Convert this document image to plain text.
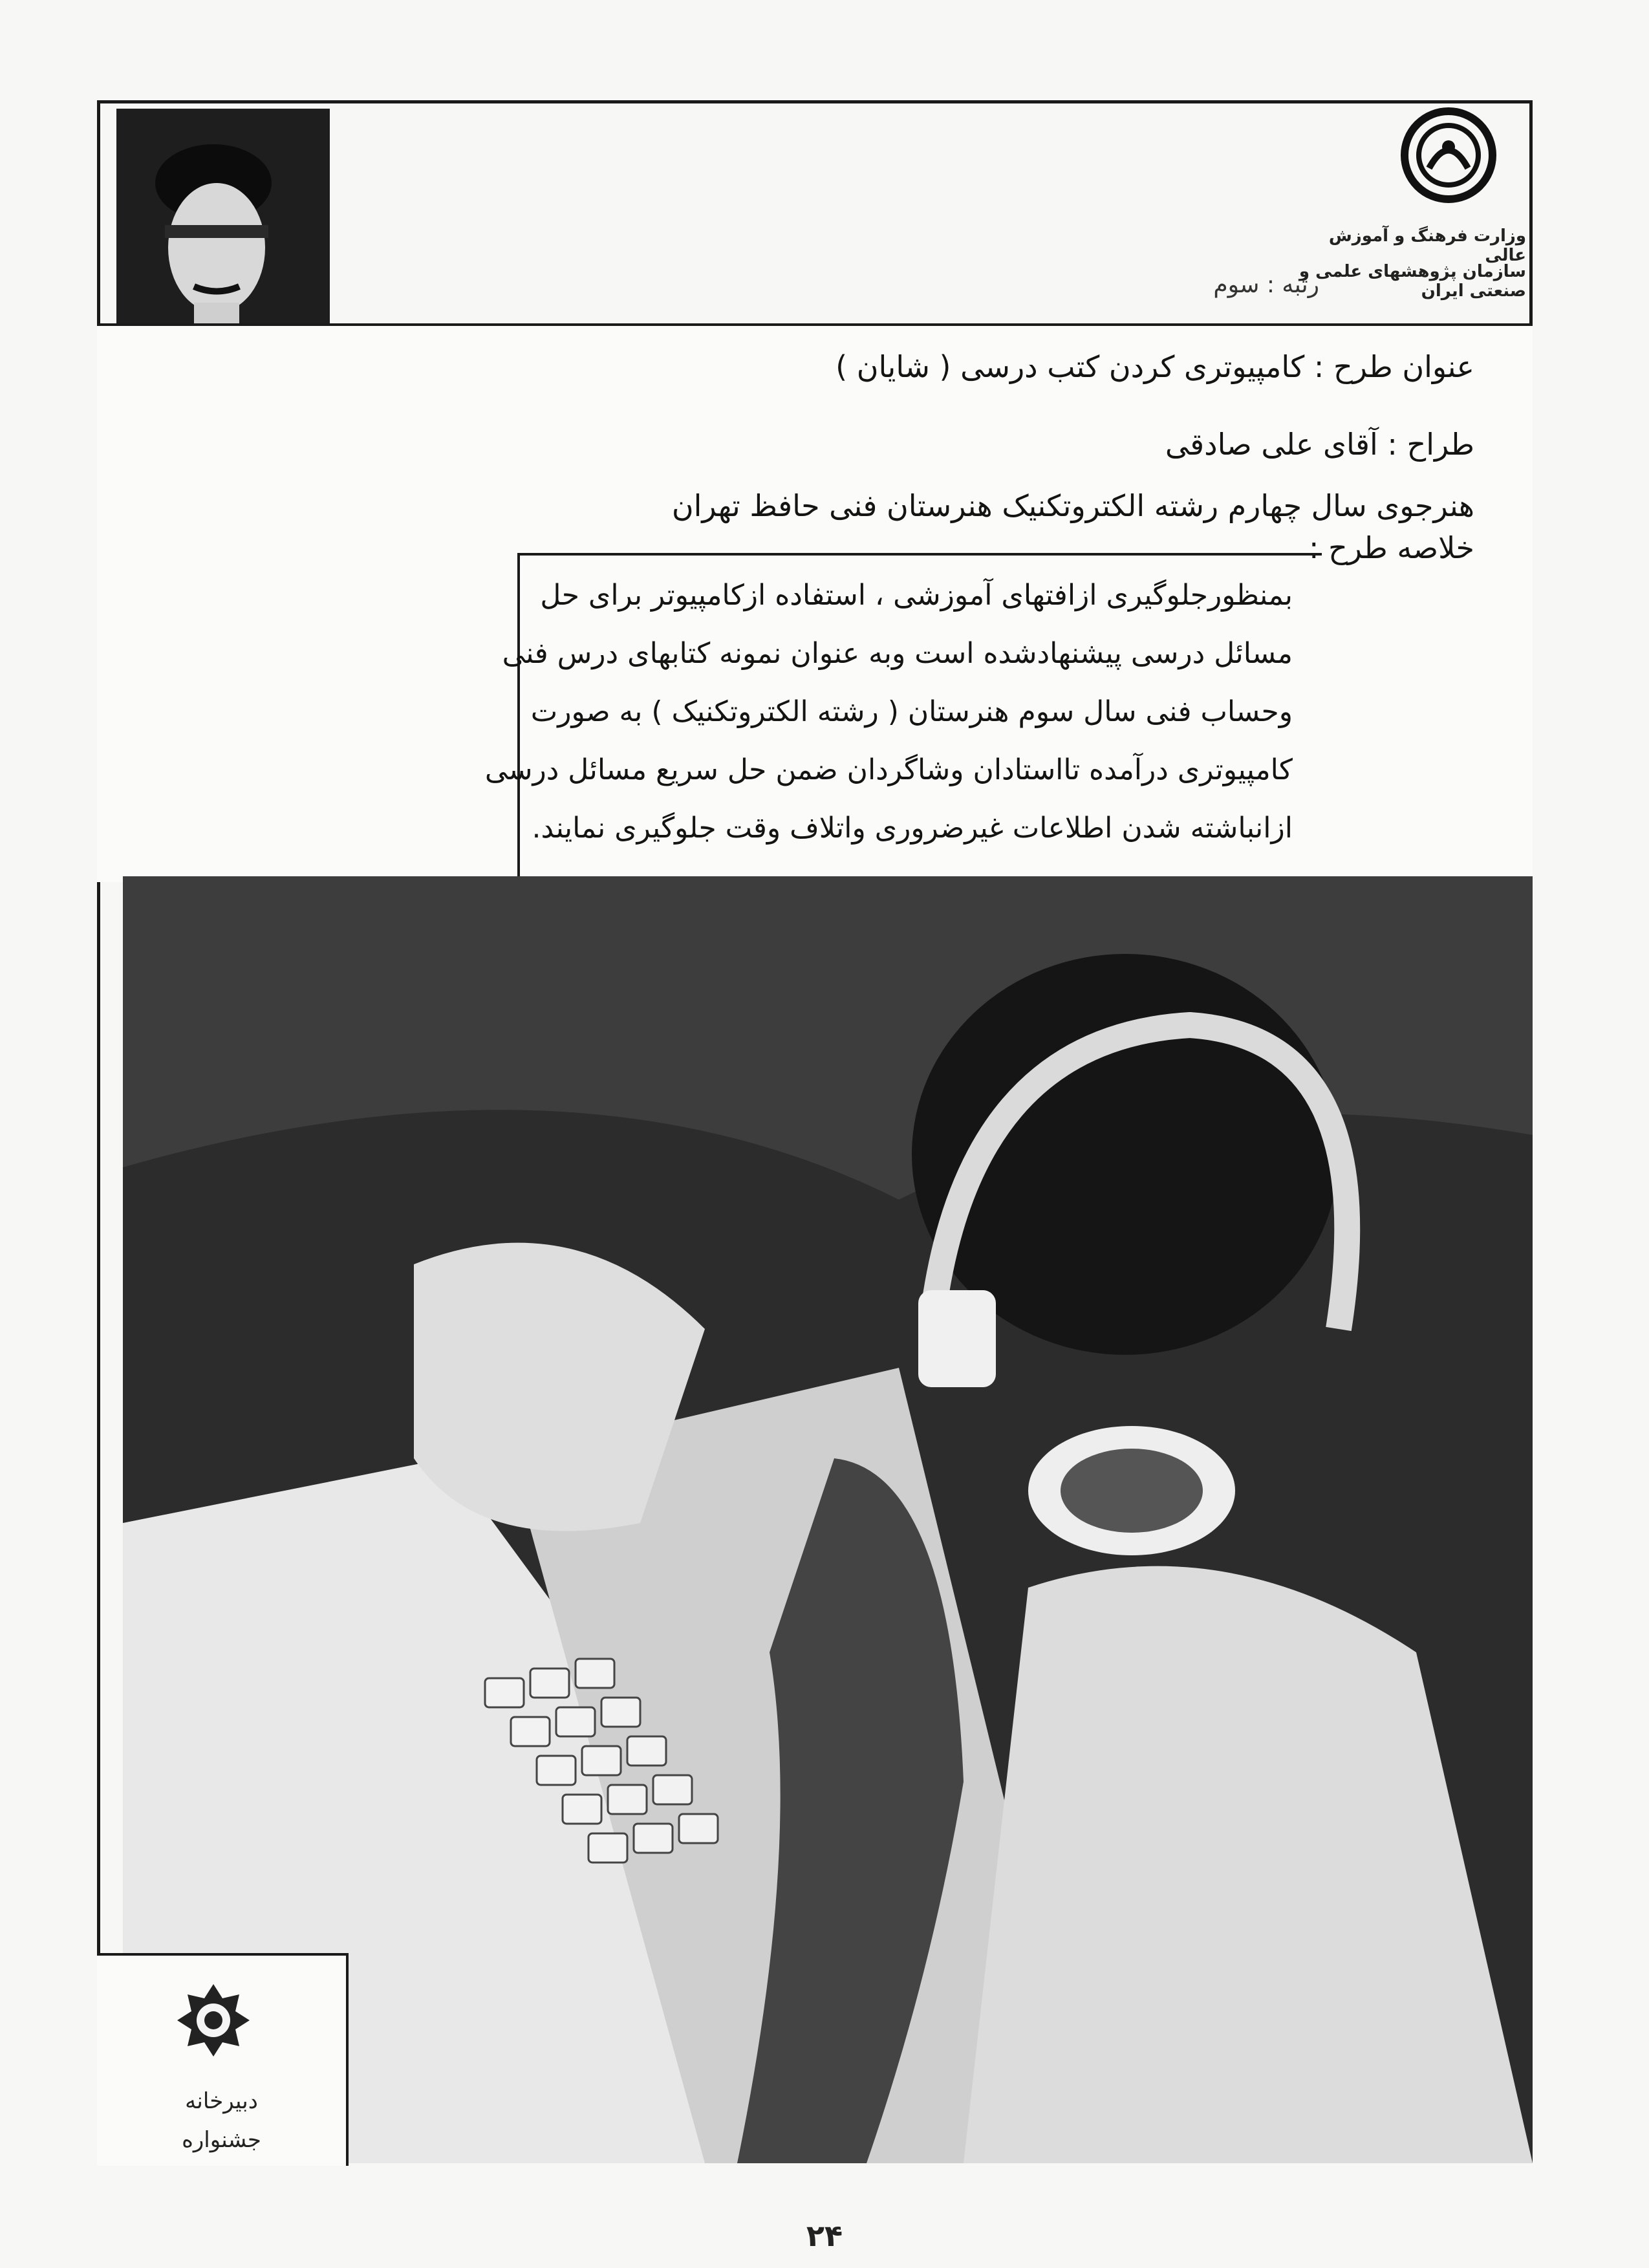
وزارت فرهنگ و آموزش عالی
سازمان پژوهشهای علمی و صنعتی ایران
رتبه : سوم
عنوان طرح : کامپیوتری کردن کتب درسی ( شایان )
طراح : آقای علی صادقی
هنرجوی سال چهارم رشته الکتروتکنیک هنرستان فنی حافظ تهران
خلاصه طرح :
بمنظورجلوگیری ازافتهای آموزشی ، استفاده ازکامپیوتر برای حل
مسائل درسی پیشنهادشده است وبه عنوان نمونه کتابهای درس فنی
وحساب فنی سال سوم هنرستان ( رشته الکتروتکنیک ) به صورت
کامپیوتری درآمده تااستادان وشاگردان ضمن حل سریع مسائل درسی
ازانباشته شدن اطلاعات غیرضروری واتلاف وقت جلوگیری نمایند.
دبیرخانه
جشنواره
۲۴
